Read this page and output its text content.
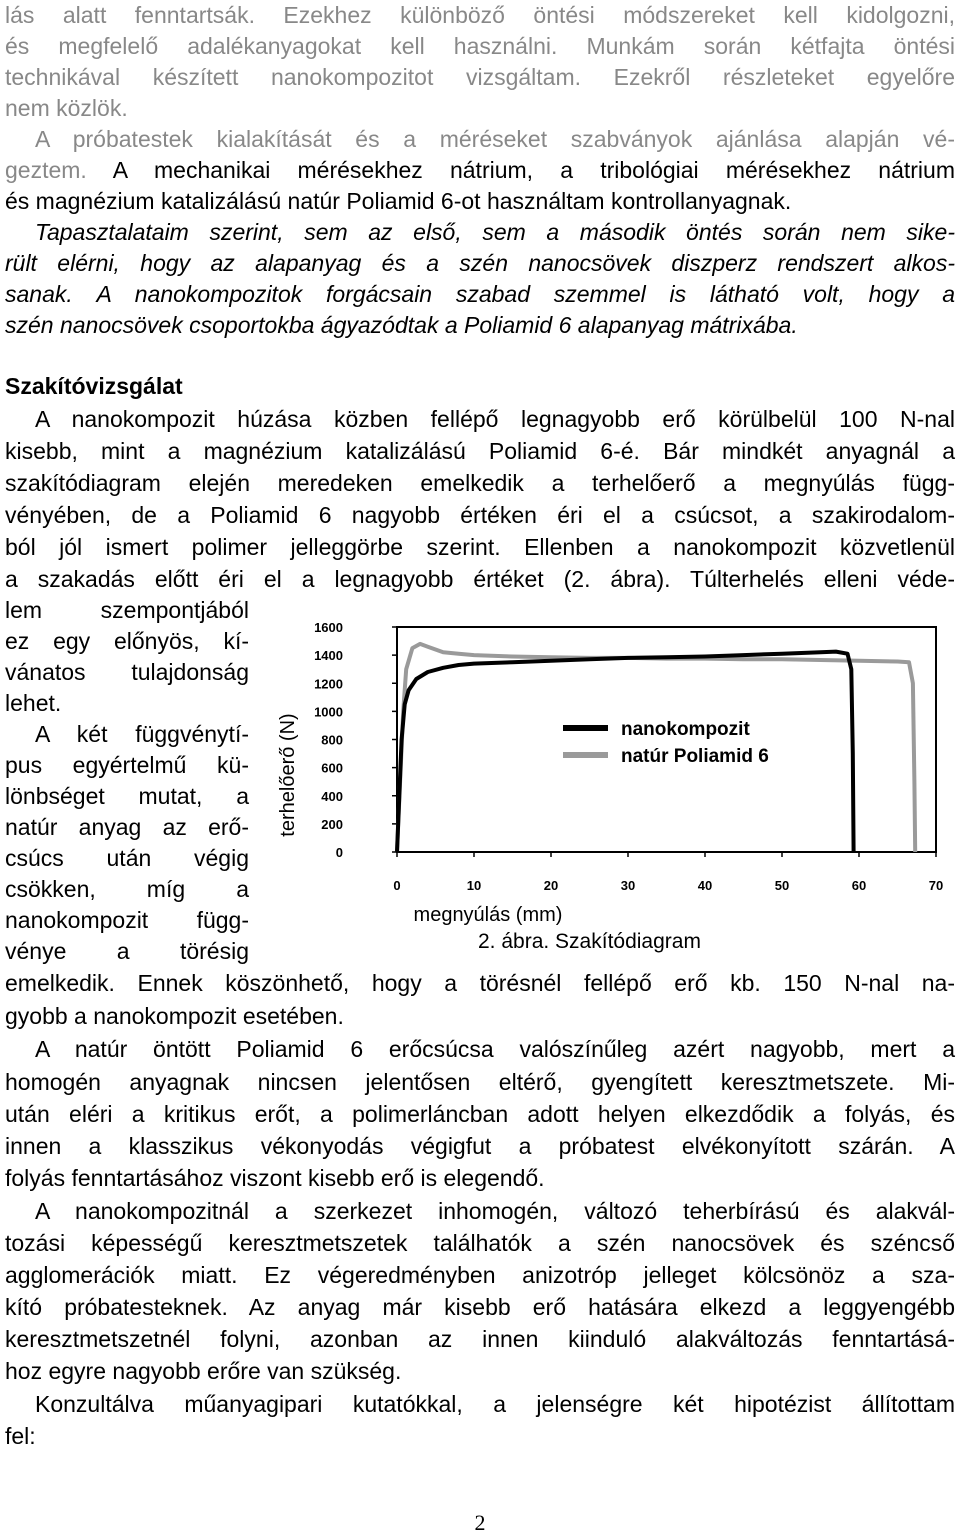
lás alatt fenntartsák. Ezekhez különböző öntési módszereket kell kidolgozni,
és megfelelő adalékanyagokat kell használni. Munkám során kétfajta öntési
technikával készített nanokompozitot vizsgáltam. Ezekről részleteket egyelőre
nem közlök.
A próbatestek kialakítását és a méréseket szabványok ajánlása alapján vé-
geztem. A mechanikai mérésekhez nátrium, a tribológiai mérésekhez nátrium
és magnézium katalizálású natúr Poliamid 6-ot használtam kontrollanyagnak.
Tapasztalataim szerint, sem az első, sem a második öntés során nem sike-
rült elérni, hogy az alapanyag és a szén nanocsövek diszperz rendszert alkos-
sanak. A nanokompozitok forgácsain szabad szemmel is látható volt, hogy a
szén nanocsövek csoportokba ágyazódtak a Poliamid 6 alapanyag mátrixába.
Szakítóvizsgálat
A nanokompozit húzása közben fellépő legnagyobb erő körülbelül 100 N-nal
kisebb, mint a magnézium katalizálású Poliamid 6-é. Bár mindkét anyagnál a
szakítódiagram elején meredeken emelkedik a terhelőerő a megnyúlás függ-
vényében, de a Poliamid 6 nagyobb értéken éri el a csúcsot, a szakirodalom-
ból jól ismert polimer jelleggörbe szerint. Ellenben a nanokompozit közvetlenül
a szakadás előtt éri el a legnagyobb értéket (2. ábra). Túlterhelés elleni véde-
lem szempontjából
ez egy előnyös, kí-
vánatos tulajdonság
lehet.
A két függvénytí-
pus egyértelmű kü-
lönbséget mutat, a
natúr anyag az erő-
csúcs után végig
csökken, míg a
nanokompozit függ-
vénye a törésig
0
200
400
600
800
1000
1200
1400
1600
0	10	20	30	40	50	60	70
nanokompozit
natúr Poliamid 6
megnyúlás (mm)
terhelőerő (N)
2. ábra. Szakítódiagram
emelkedik. Ennek köszönhető, hogy a törésnél fellépő erő kb. 150 N-nal na-
gyobb a nanokompozit esetében.
A natúr öntött Poliamid 6 erőcsúcsa valószínűleg azért nagyobb, mert a
homogén anyagnak nincsen jelentősen eltérő, gyengített keresztmetszete. Mi-
után eléri a kritikus erőt, a polimerláncban adott helyen elkezdődik a folyás, és
innen a klasszikus vékonyodás végigfut a próbatest elvékonyított szárán. A
folyás fenntartásához viszont kisebb erő is elegendő.
A nanokompozitnál a szerkezet inhomogén, változó teherbírású és alakvál-
tozási képességű keresztmetszetek találhatók a szén nanocsövek és széncső
agglomerációk miatt. Ez végeredményben anizotróp jelleget kölcsönöz a sza-
kító próbatesteknek. Az anyag már kisebb erő hatására elkezd a leggyengébb
keresztmetszetnél folyni, azonban az innen kiinduló alakváltozás fenntartásá-
hoz egyre nagyobb erőre van szükség.
Konzultálva műanyagipari kutatókkal, a jelenségre két hipotézist állítottam
fel:
2
